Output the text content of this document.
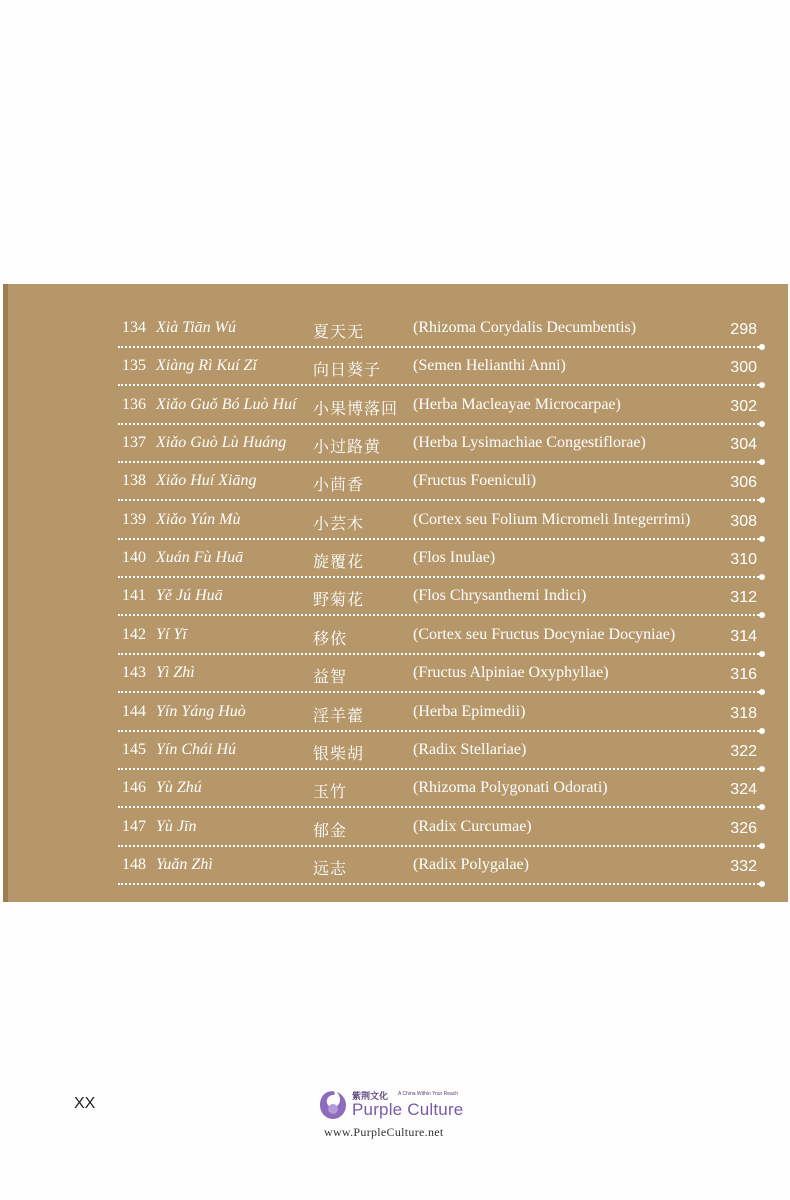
134 Xià Tiān Wú	夏天无	(Rhizoma Corydalis Decumbentis)	298
135 Xiàng Rì Kuí Zǐ	向日葵子 (Semen Helianthi Anni)	300
136 Xiǎo Guǒ Bó Luò Huí 小果博落回 (Herba Macleayae Microcarpae)	302
137 Xiǎo Guò Lù Huáng 小过路黄 (Herba Lysimachiae Congestiflorae)	304
138 Xiǎo Huí Xiāng	小茴香	(Fructus Foeniculi)	306
139 Xiǎo Yún Mù	小芸木	(Cortex seu Folium Micromeli Integerrimi)	308
140 Xuán Fù Huā	旋覆花	(Flos Inulae)	310
141 Yě Jú Huā	野菊花	(Flos Chrysanthemi Indici)	312
142 Yí Yī	移依	(Cortex seu Fructus Docyniae Docyniae)	314
143 Yì Zhì	益智	(Fructus Alpiniae Oxyphyllae)	316
144 Yín Yáng Huò	淫羊藿	(Herba Epimedii)	318
145 Yín Chái Hú	银柴胡	(Radix Stellariae)	322
146 Yù Zhú	玉竹	(Rhizoma Polygonati Odorati)	324
147 Yù Jīn	郁金	(Radix Curcumae)	326
148 Yuǎn Zhì	远志	(Radix Polygalae)	332
XX	紫荆文化 A China Within Your Reach
Purple Culture
www.PurpleCulture.net
